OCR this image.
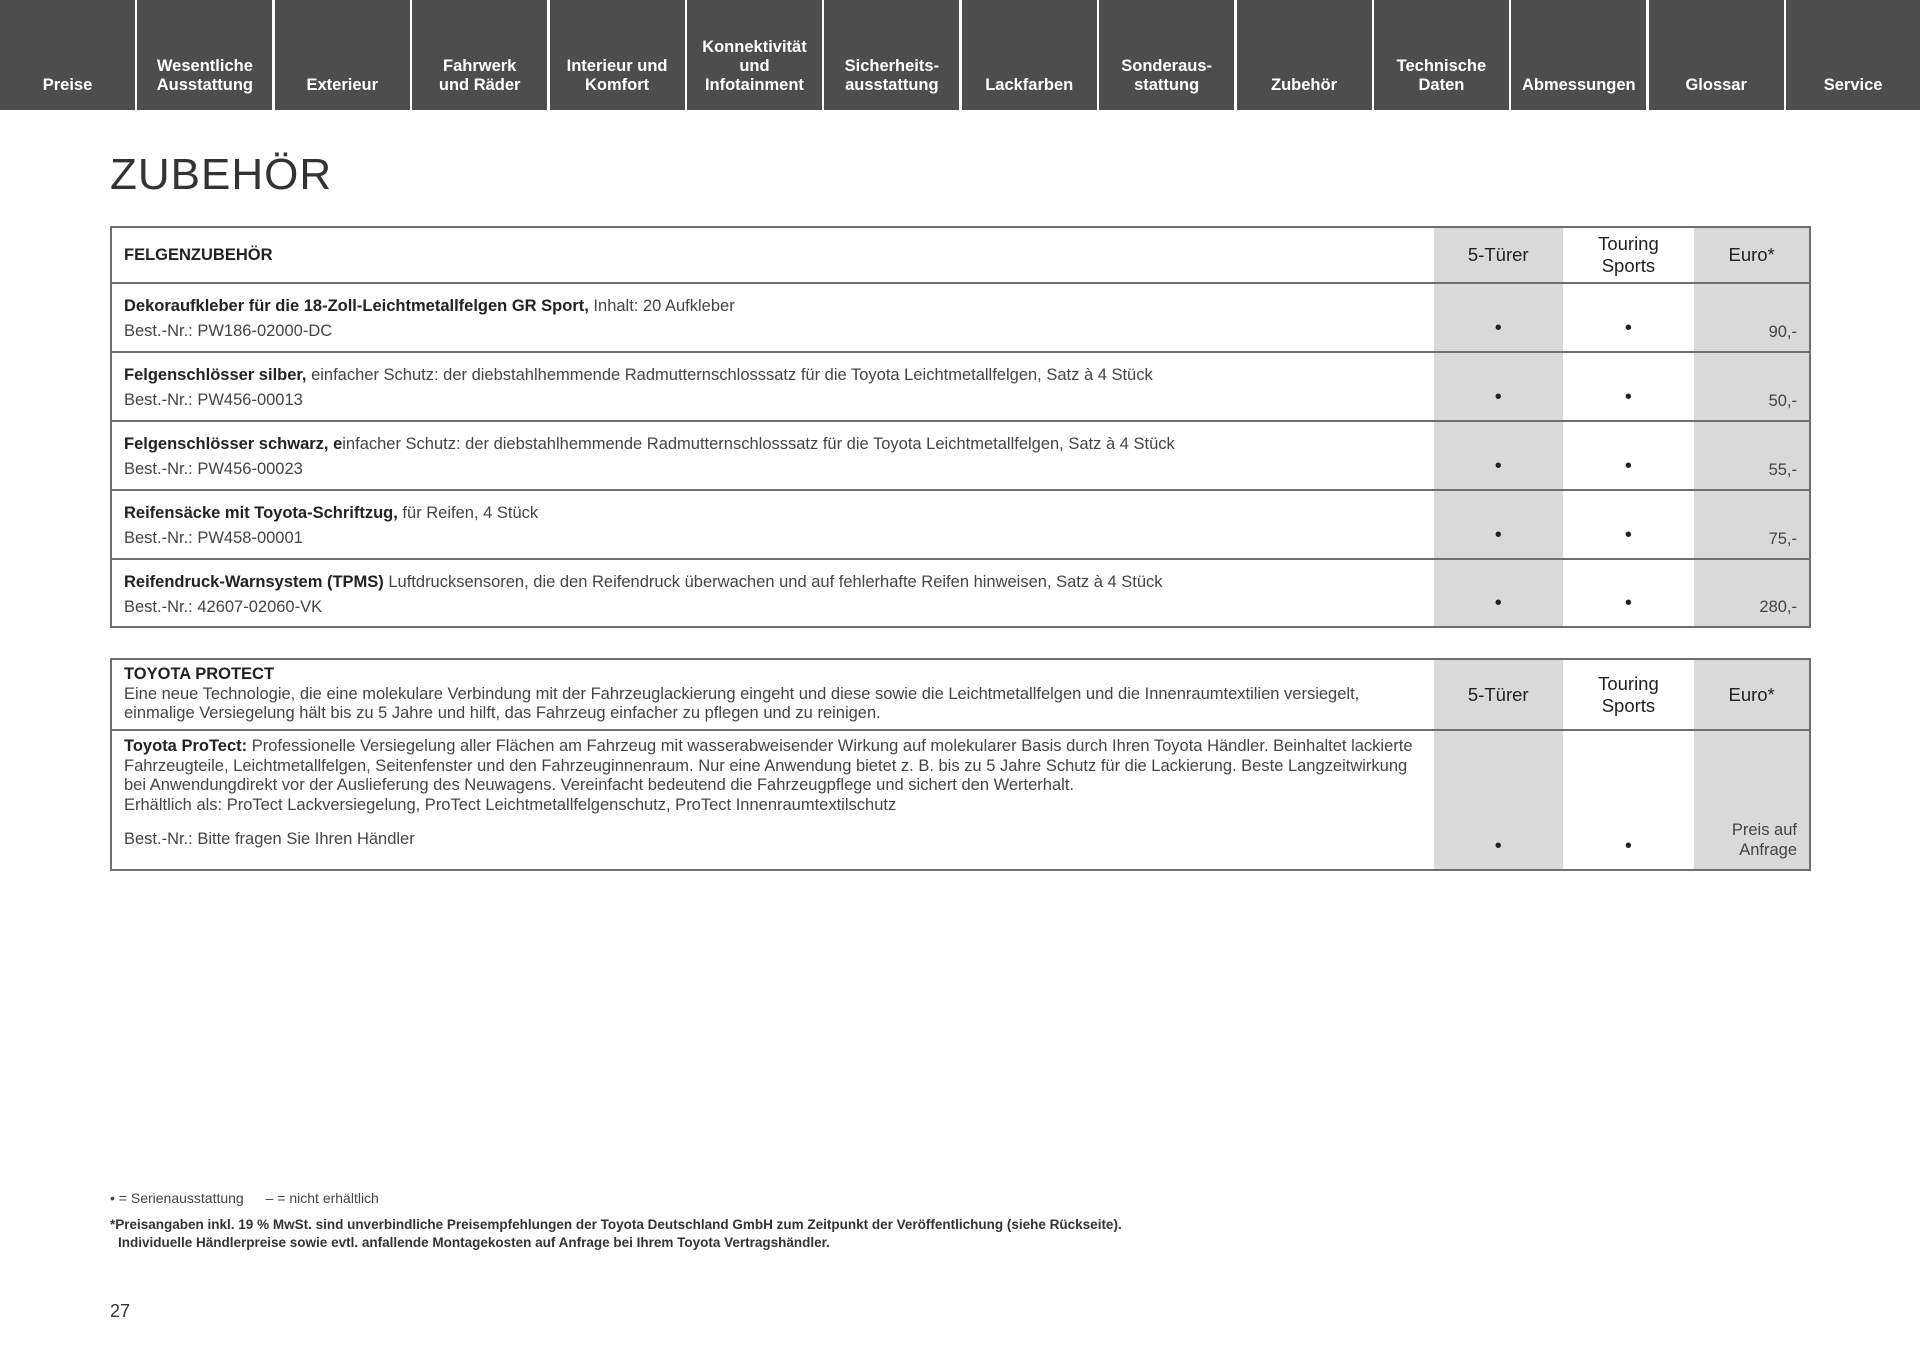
Preise
Wesentliche
Ausstattung	Exterieur
Fahrwerk
und Räder
Interieur und
Komfort
Konnektivität
und
Infotainment
Sicherheits-
ausstattung	Lackfarben
Sonderaus-
stattung	Zubehör
Technische
Daten	Abmessungen	Glossar	Service
ZUBEHÖR
FELGENZUBEHÖR	5-Türer
Touring
Sports
Euro*
Dekoraufkleber für die 18-Zoll-Leichtmetallfelgen GR Sport, Inhalt: 20 Aufkleber
Best.-Nr.: PW186-02000-DC	•	•	90,-
Felgenschlösser silber, einfacher Schutz: der diebstahlhemmende Radmutternschlosssatz für die Toyota Leichtmetallfelgen, Satz à 4 Stück
Best.-Nr.: PW456-00013	•	•	50,-
Felgenschlösser schwarz, einfacher Schutz: der diebstahlhemmende Radmutternschlosssatz für die Toyota Leichtmetallfelgen, Satz à 4 Stück
Best.-Nr.: PW456-00023	•	•	55,-
Reifensäcke mit Toyota-Schriftzug, für Reifen, 4 Stück
Best.-Nr.: PW458-00001	•	•	75,-
Reifendruck-Warnsystem (TPMS) Luftdrucksensoren, die den Reifendruck überwachen und auf fehlerhafte Reifen hinweisen, Satz à 4 Stück
Best.-Nr.: 42607-02060-VK	•	•	280,-
TOYOTA PROTECT
Eine neue Technologie, die eine molekulare Verbindung mit der Fahrzeuglackierung eingeht und diese sowie die Leichtmetallfelgen und die Innenraumtextilien versiegelt, einmalige Versiegelung hält bis zu 5 Jahre und hilft, das Fahrzeug einfacher zu pflegen und zu reinigen.
5-Türer
Touring
Sports
Euro*
Toyota ProTect: Professionelle Versiegelung aller Flächen am Fahrzeug mit wasserabweisender Wirkung auf molekularer Basis durch Ihren Toyota Händler. Beinhaltet lackierte Fahrzeugteile, Leichtmetallfelgen, Seitenfenster und den Fahrzeuginnenraum. Nur eine Anwendung bietet z. B. bis zu 5 Jahre Schutz für die Lackierung. Beste Langzeitwirkung bei Anwendungdirekt vor der Auslieferung des Neuwagens. Vereinfacht bedeutend die Fahrzeugpflege und sichert den Werterhalt.
Erhältlich als: ProTect Lackversiegelung, ProTect Leichtmetallfelgenschutz, ProTect Innenraumtextilschutz
Best.-Nr.: Bitte fragen Sie Ihren Händler	•	•
Preis auf
Anfrage
• = Serienausstattung – = nicht erhältlich
*Preisangaben inkl. 19 % MwSt. sind unverbindliche Preisempfehlungen der Toyota Deutschland GmbH zum Zeitpunkt der Veröffentlichung (siehe Rückseite).
Individuelle Händlerpreise sowie evtl. anfallende Montagekosten auf Anfrage bei Ihrem Toyota Vertragshändler.
27
